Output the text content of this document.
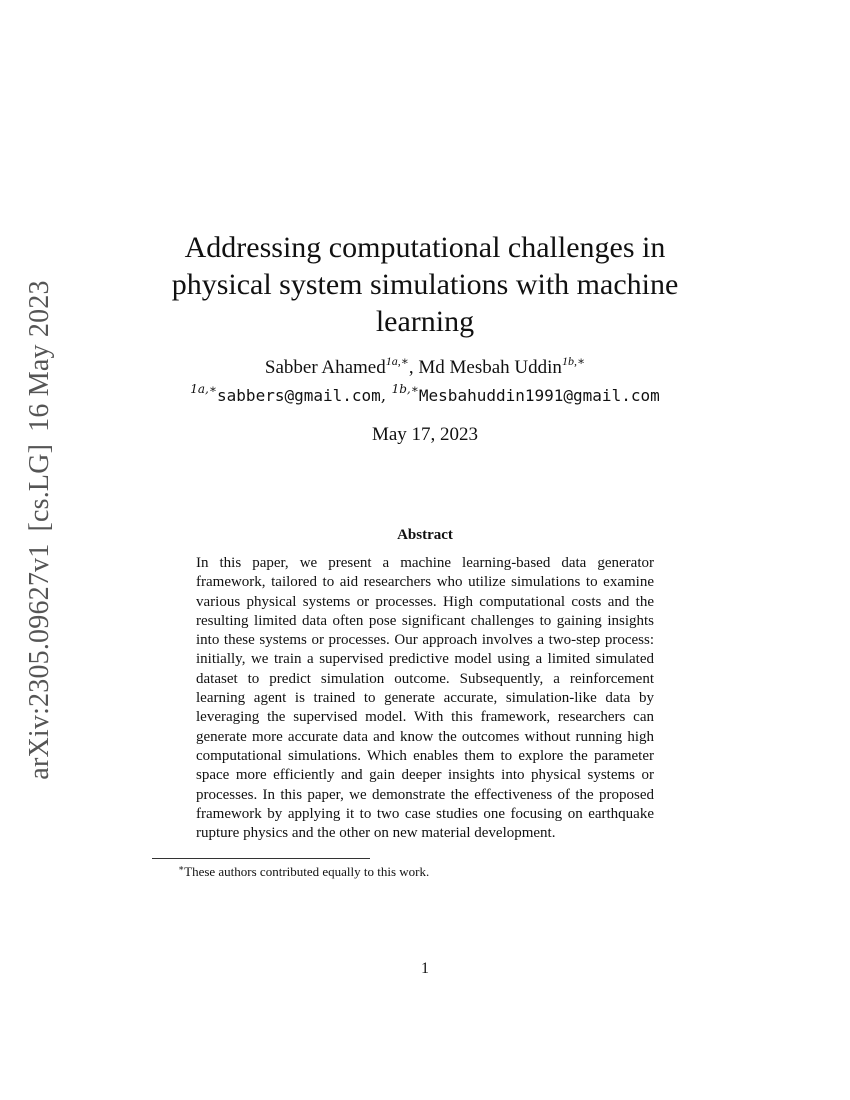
arXiv:2305.09627v1[cs.LG]16 May 2023
Addressing computational challenges in
physical system simulations with machine
learning
Sabber Ahamed$^{1a,∗}$, Md Mesbah Uddin$^{1b,∗}$
$^{1a,∗}$sabbers@gmail.com, $^{1b,∗}$Mesbahuddin1991@gmail.com
May 17, 2023
Abstract

In this paper, we present a machine learning-based data generator framework, tailored to aid researchers who utilize simulations to examine various physical systems or processes. High computational costs and the resulting limited data often pose significant challenges to gaining insights into these systems or processes. Our approach involves a two-step process: initially, we train a supervised predictive model using a limited simulated dataset to predict simulation outcome. Subsequently, a reinforcement learning agent is trained to generate accurate, simulation-like data by leveraging the supervised model. With this framework, researchers can generate more accurate data and know the outcomes without running high computational simulations. Which enables them to explore the parameter space more efficiently and gain deeper insights into physical systems or processes. In this paper, we demonstrate the effectiveness of the proposed framework by applying it to two case studies one focusing on earthquake rupture physics and the other on new material development.

∗These authors contributed equally to this work.
1
